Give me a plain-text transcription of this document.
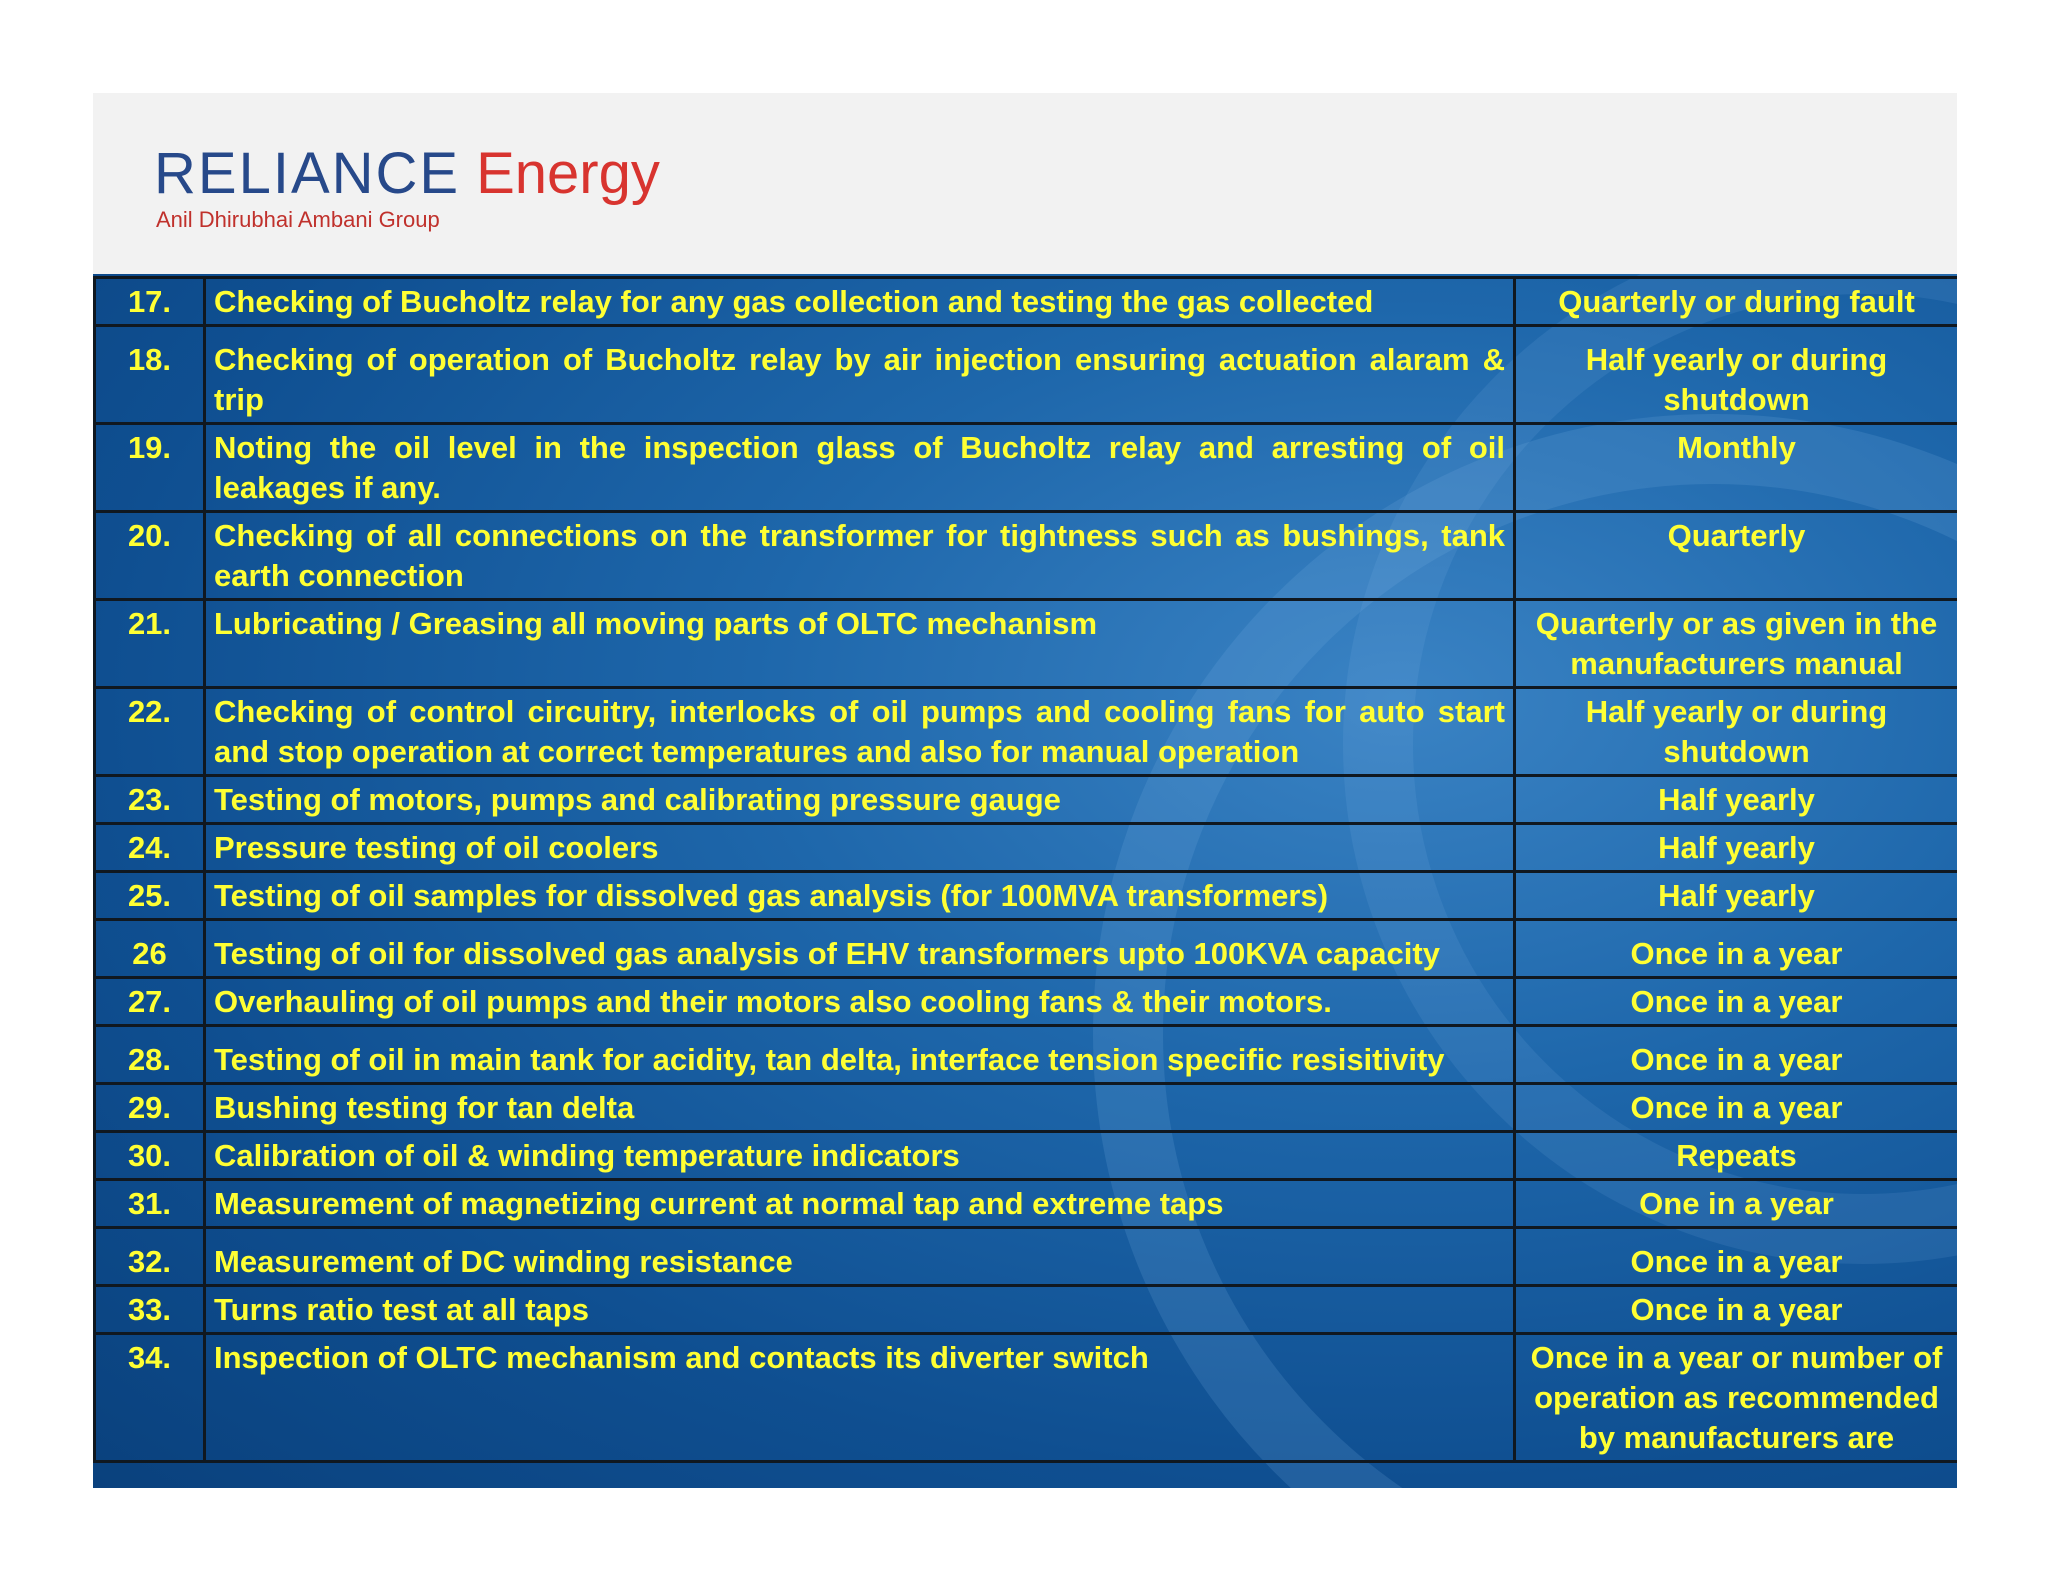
RELIANCE Energy
Anil Dhirubhai Ambani Group
17.	Checking of Bucholtz relay for any gas collection and testing the gas collected	Quarterly or during fault
18.	Checking of operation of Bucholtz relay by air injection ensuring actuation alaram & trip	Half yearly or during shutdown
19.	Noting the oil level in the inspection glass of Bucholtz relay and arresting of oil leakages if any.	Monthly
20.	Checking of all connections on the transformer for tightness such as bushings, tank earth connection	Quarterly
21.	Lubricating / Greasing all moving parts of OLTC mechanism	Quarterly or as given in the manufacturers manual
22.	Checking of control circuitry, interlocks of oil pumps and cooling fans for auto start and stop operation at correct temperatures and also for manual operation	Half yearly or during shutdown
23.	Testing of motors, pumps and calibrating pressure gauge	Half yearly
24.	Pressure testing of oil coolers	Half yearly
25.	Testing of oil samples for dissolved gas analysis (for 100MVA transformers)	Half yearly
26	Testing of oil for dissolved gas analysis of EHV transformers upto 100KVA capacity	Once in a year
27.	Overhauling of oil pumps and their motors also cooling fans & their motors.	Once in a year
28.	Testing of oil in main tank for acidity, tan delta, interface tension specific resisitivity	Once in a year
29.	Bushing testing for tan delta	Once in a year
30.	Calibration of oil & winding temperature indicators	Repeats
31.	Measurement of magnetizing current at normal tap and extreme taps	One in a year
32.	Measurement of DC winding resistance	Once in a year
33.	Turns ratio test at all taps	Once in a year
34.	Inspection of OLTC mechanism and contacts its diverter switch	Once in a year or number of operation as recommended by manufacturers are
